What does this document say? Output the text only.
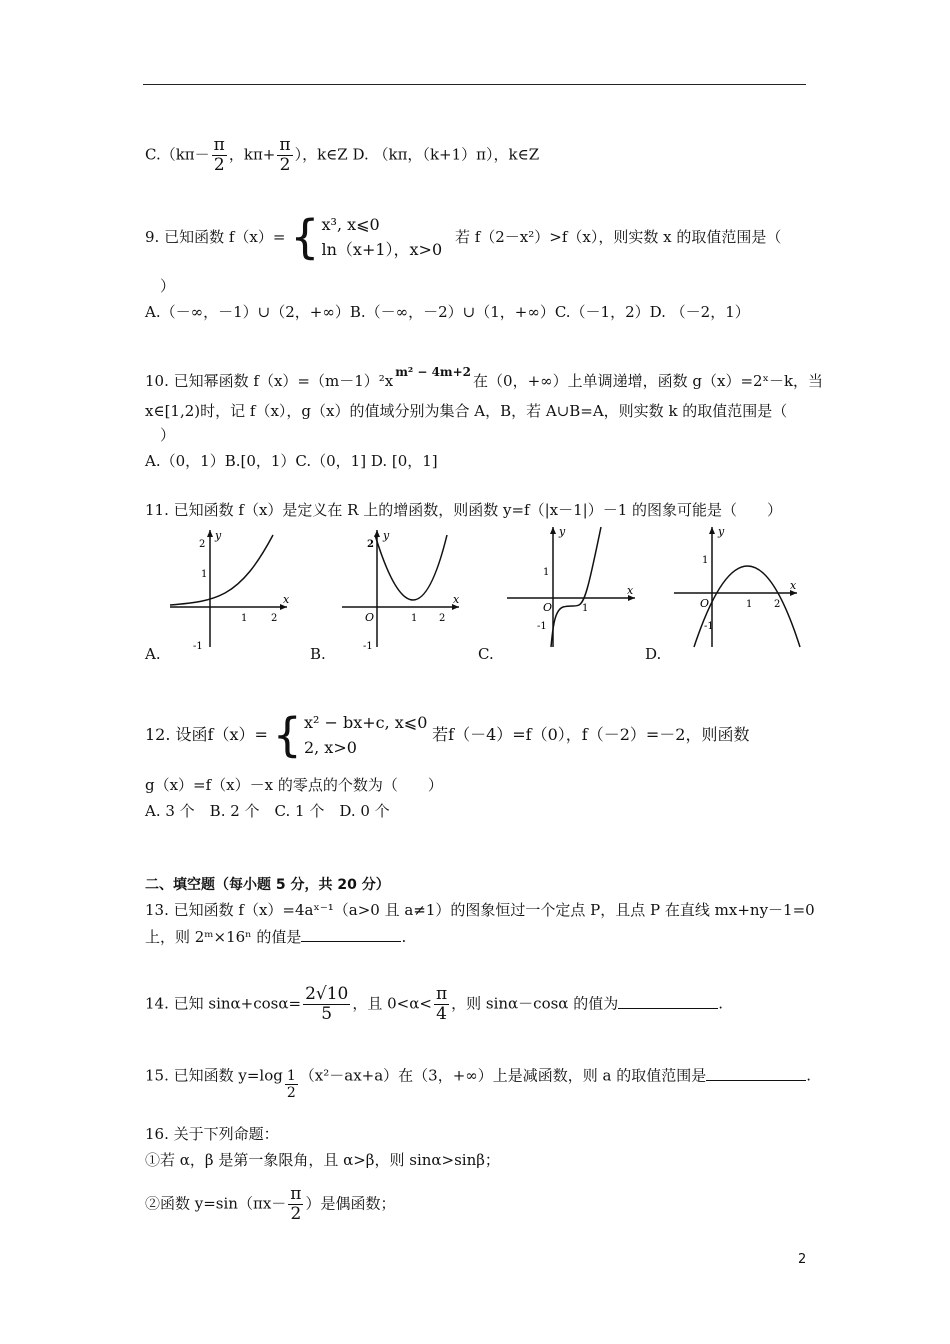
$C.(k\pi- \frac{\pi}{2}$ ，$k\pi+ \frac{\pi}{2}$ ），k∈Z D. （kπ，（k+1）π），k∈Z
9. 已知函数 f（x）= { x³, x⩽0
ln（x+1），x>0
若 f（2－x²）>f（x），则实数 x 的取值范围是（
）
A.（－∞，－1）∪（2，+∞）B.（－∞，－2）∪（1，+∞）C.（－1，2）D. （－2，1）
10. 已知幂函数 f（x）=（m－1）²x $^{m^2 - 4m+2}$ 在（0，+∞）上单调递增，函数 g（x）=2ˣ－k，当
x∈[1,2)时，记 f（x），g（x）的值域分别为集合 A，B，若 A∪B=A，则实数 k 的取值范围是（
）
A.（0，1）B.[0，1）C.（0，1] D. [0，1]
11. 已知函数 f（x）是定义在 R 上的增函数，则函数 y=f（|x－1|）－1 的图象可能是（　　）
y
x
2
1
-1
1 2
A.
y
x
2
O	1 2
-1
B.
y
x
1
O	1
-1
C.
y
x
1
O	1 2
-1
D.
12. 设函f（x）= { x² − bx+c, x⩽0
2, x>0
若f（－4）=f（0），f（－2）=－2，则函数
g（x）=f（x）－x 的零点的个数为（　　）
A. 3 个　B. 2 个　C. 1 个　D. 0 个
二、填空题（每小题 5 分，共 20 分）
13. 已知函数 f（x）=4aˣ⁻¹（a>0 且 a≠1）的图象恒过一个定点 P，且点 P 在直线 mx+ny－1=0
上，则 2ᵐ×16ⁿ 的值是	.
14. 已知 $\sin\alpha+\cos\alpha= \frac{2√10}{5}$ ，且 $0<\alpha< \frac{\pi}{4}$ ，则 sinα－cosα 的值为	.
15. 已知函数 $y=\log \frac{1}{2} (x^2-ax+a)$在（3，+∞）上是减函数，则 a 的取值范围是	.
16. 关于下列命题：
①若 α，β 是第一象限角，且 α>β，则 sinα>sinβ；
②函数 $y=\sin(\pi x- \frac{\pi}{2}$ ）是偶函数；
2
